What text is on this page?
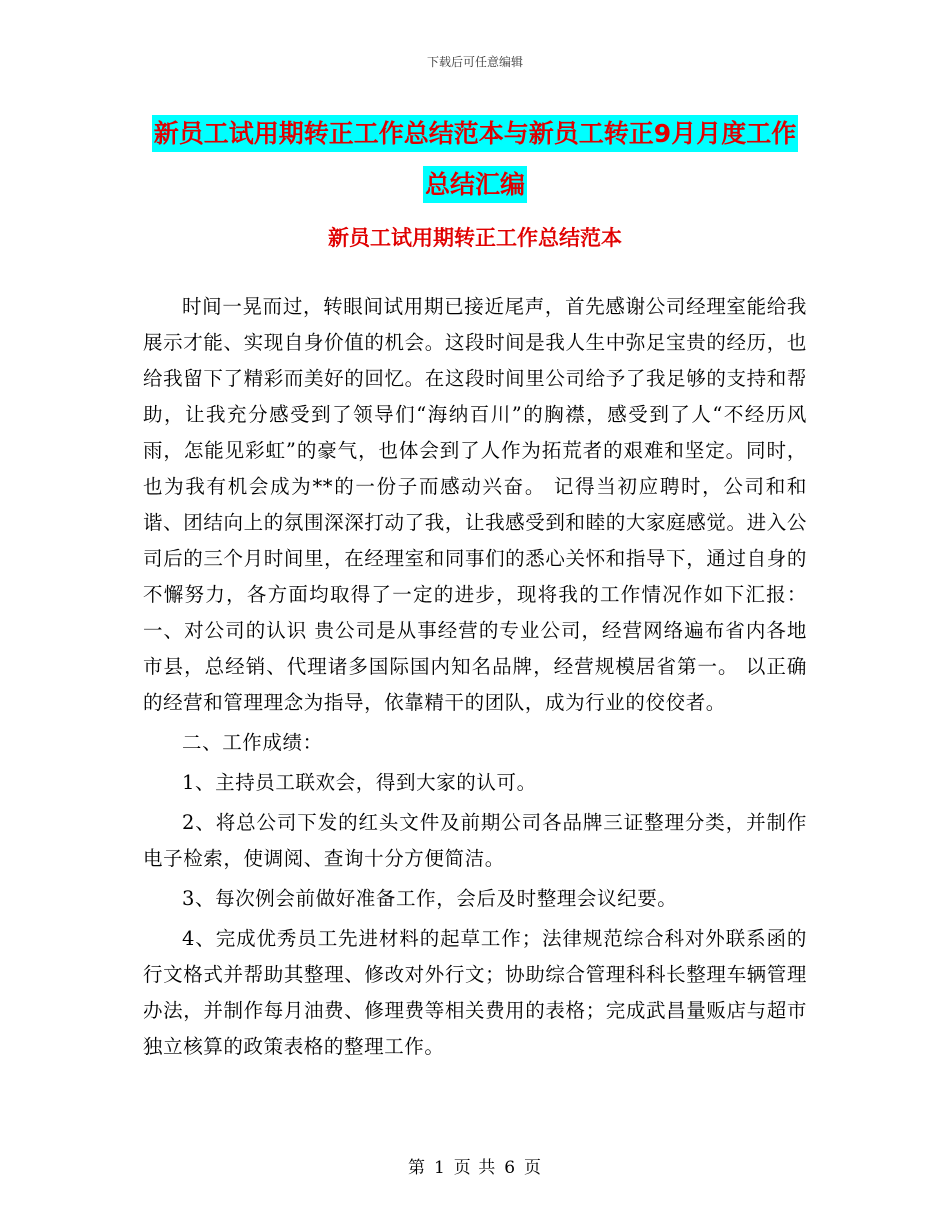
下载后可任意编辑
新员工试用期转正工作总结范本与新员工转正9月月度工作总结汇编
新员工试用期转正工作总结范本

时间一晃而过，转眼间试用期已接近尾声，首先感谢公司经理室能给我展示才能、实现自身价值的机会。这段时间是我人生中弥足宝贵的经历，也给我留下了精彩而美好的回忆。在这段时间里公司给予了我足够的支持和帮助，让我充分感受到了领导们“海纳百川”的胸襟，感受到了人“不经历风雨，怎能见彩虹”的豪气，也体会到了人作为拓荒者的艰难和坚定。同时，也为我有机会成为**的一份子而感动兴奋。 记得当初应聘时，公司和和谐、团结向上的氛围深深打动了我，让我感受到和睦的大家庭感觉。进入公司后的三个月时间里，在经理室和同事们的悉心关怀和指导下，通过自身的不懈努力，各方面均取得了一定的进步，现将我的工作情况作如下汇报： 一、对公司的认识 贵公司是从事经营的专业公司，经营网络遍布省内各地市县，总经销、代理诸多国际国内知名品牌，经营规模居省第一。 以正确的经营和管理理念为指导，依靠精干的团队，成为行业的佼佼者。

二、工作成绩：

1、主持员工联欢会，得到大家的认可。

2、将总公司下发的红头文件及前期公司各品牌三证整理分类，并制作电子检索，使调阅、查询十分方便简洁。

3、每次例会前做好准备工作，会后及时整理会议纪要。

4、完成优秀员工先进材料的起草工作；法律规范综合科对外联系函的行文格式并帮助其整理、修改对外行文；协助综合管理科科长整理车辆管理办法，并制作每月油费、修理费等相关费用的表格；完成武昌量贩店与超市独立核算的政策表格的整理工作。

第 1 页 共 6 页
